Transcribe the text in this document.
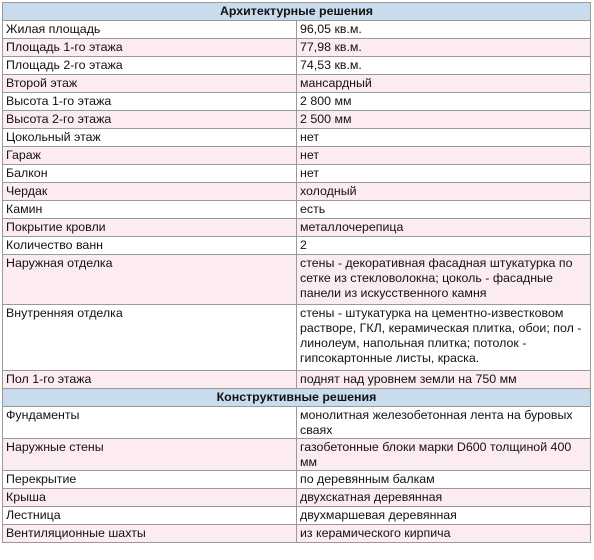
Архитектурные решения	
Жилая площадь	96,05 кв.м.
Площадь 1-го этажа	77,98 кв.м.
Площадь 2-го этажа	74,53 кв.м.
Второй этаж	мансардный
Высота 1-го этажа	2 800 мм
Высота 2-го этажа	2 500 мм
Цокольный этаж	нет
Гараж	нет
Балкон	нет
Чердак	холодный
Камин	есть
Покрытие кровли	металлочерепица
Количество ванн	2
Наружная отделка	стены - декоративная фасадная штукатурка по сетке из стекловолокна; цоколь - фасадные панели из искусственного камня
Внутренняя отделка	стены - штукатурка на цементно-известковом растворе, ГКЛ, керамическая плитка, обои; пол - линолеум, напольная плитка; потолок - гипсокартонные листы, краска.
Пол 1-го этажа	поднят над уровнем земли на 750 мм
Конструктивные решения	
Фундаменты	монолитная железобетонная лента на буровых сваях
Наружные стены	газобетонные блоки марки D600 толщиной 400 мм
Перекрытие	по деревянным балкам
Крыша	двухскатная деревянная
Лестница	двухмаршевая деревянная
Вентиляционные шахты	из керамического кирпича
